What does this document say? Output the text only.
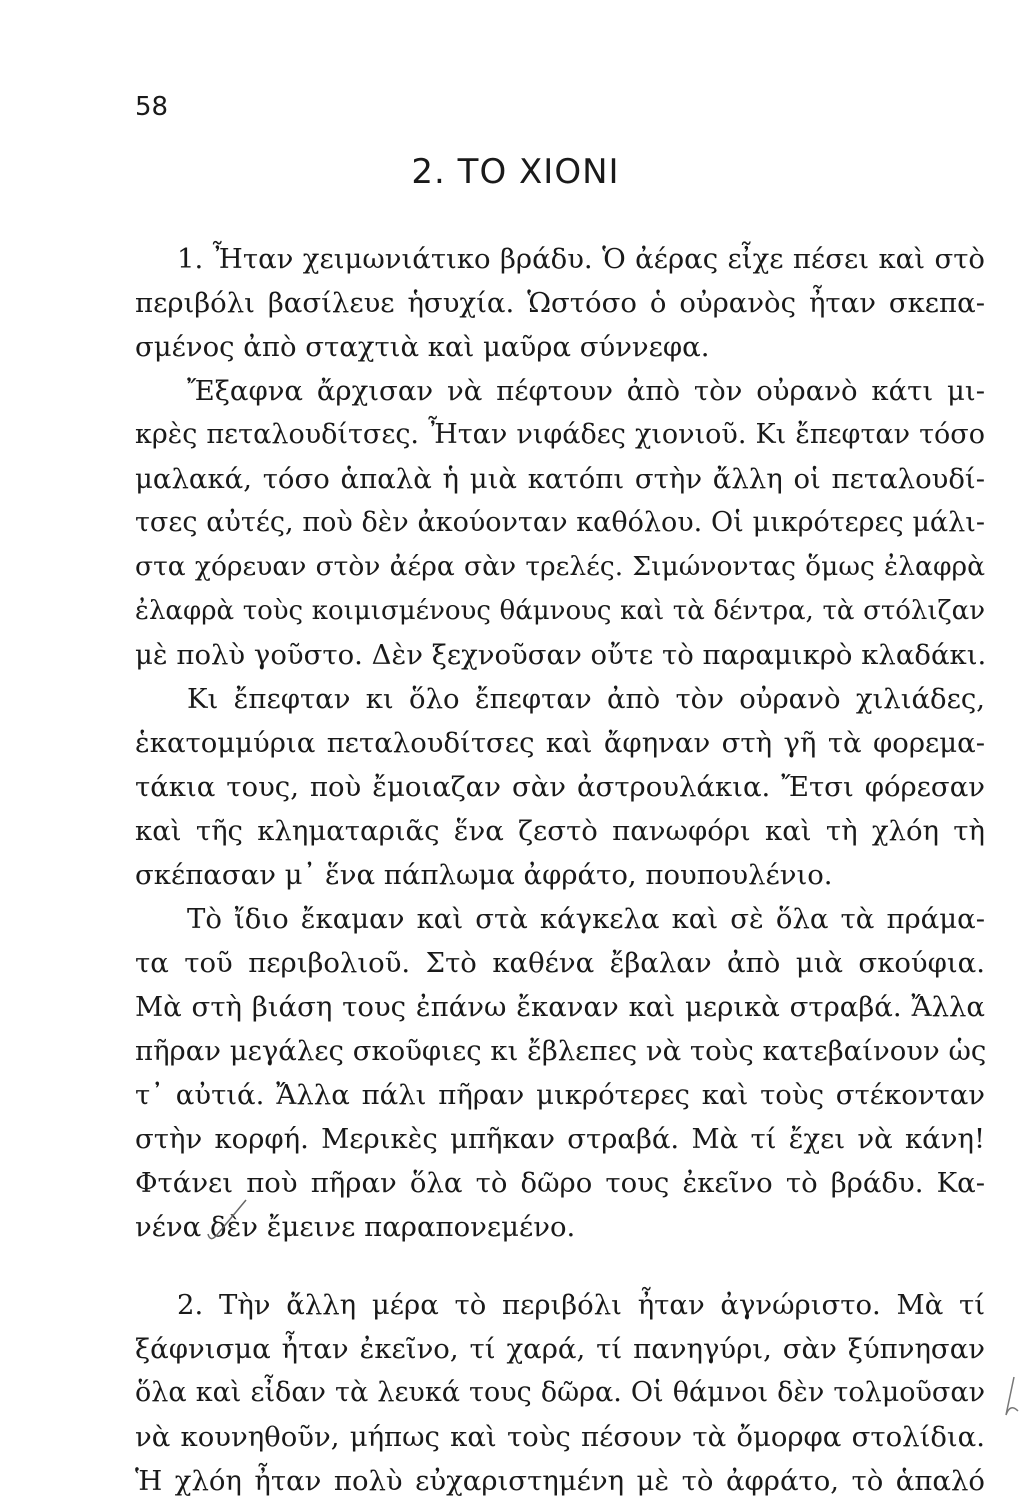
58
2. ΤΟ ΧΙΟΝΙ
1. Ἦταν χειμωνιάτικο βράδυ. Ὁ ἀέρας εἶχε πέσει καὶ στὸ
περιβόλι βασίλευε ἡσυχία. Ὡστόσο ὁ οὐρανὸς ἦταν σκεπα-
σμένος ἀπὸ σταχτιὰ καὶ μαῦρα σύννεφα.
Ἔξαφνα ἄρχισαν νὰ πέφτουν ἀπὸ τὸν οὐρανὸ κάτι μι-
κρὲς πεταλουδίτσες. Ἦταν νιφάδες χιονιοῦ. Κι ἔπεφταν τόσο
μαλακά, τόσο ἁπαλὰ ἡ μιὰ κατόπι στὴν ἄλλη οἱ πεταλουδί-
τσες αὐτές, ποὺ δὲν ἀκούονταν καθόλου. Οἱ μικρότερες μάλι-
στα χόρευαν στὸν ἀέρα σὰν τρελές. Σιμώνοντας ὅμως ἐλαφρὰ
ἐλαφρὰ τοὺς κοιμισμένους θάμνους καὶ τὰ δέντρα, τὰ στόλιζαν
μὲ πολὺ γοῦστο. Δὲν ξεχνοῦσαν οὔτε τὸ παραμικρὸ κλαδάκι.
Κι ἔπεφταν κι ὅλο ἔπεφταν ἀπὸ τὸν οὐρανὸ χιλιάδες,
ἑκατομμύρια πεταλουδίτσες καὶ ἄφηναν στὴ γῆ τὰ φορεμα-
τάκια τους, ποὺ ἔμοιαζαν σὰν ἀστρουλάκια. Ἔτσι φόρεσαν
καὶ τῆς κληματαριᾶς ἕνα ζεστὸ πανωφόρι καὶ τὴ χλόη τὴ
σκέπασαν μ᾿ ἕνα πάπλωμα ἀφράτο, πουπουλένιο.
Τὸ ἴδιο ἔκαμαν καὶ στὰ κάγκελα καὶ σὲ ὅλα τὰ πράμα-
τα τοῦ περιβολιοῦ. Στὸ καθένα ἔβαλαν ἀπὸ μιὰ σκούφια.
Μὰ στὴ βιάση τους ἐπάνω ἔκαναν καὶ μερικὰ στραβά. Ἄλλα
πῆραν μεγάλες σκοῦφιες κι ἔβλεπες νὰ τοὺς κατεβαίνουν ὡς
τ᾿ αὐτιά. Ἄλλα πάλι πῆραν μικρότερες καὶ τοὺς στέκονταν
στὴν κορφή. Μερικὲς μπῆκαν στραβά. Μὰ τί ἔχει νὰ κάνη!
Φτάνει ποὺ πῆραν ὅλα τὸ δῶρο τους ἐκεῖνο τὸ βράδυ. Κα-
νένα δὲν ἔμεινε παραπονεμένο.
2. Τὴν ἄλλη μέρα τὸ περιβόλι ἦταν ἀγνώριστο. Μὰ τί
ξάφνισμα ἦταν ἐκεῖνο, τί χαρά, τί πανηγύρι, σὰν ξύπνησαν
ὅλα καὶ εἶδαν τὰ λευκά τους δῶρα. Οἱ θάμνοι δὲν τολμοῦσαν
νὰ κουνηθοῦν, μήπως καὶ τοὺς πέσουν τὰ ὄμορφα στολίδια.
Ἡ χλόη ἦταν πολὺ εὐχαριστημένη μὲ τὸ ἀφράτο, τὸ ἁπαλό
